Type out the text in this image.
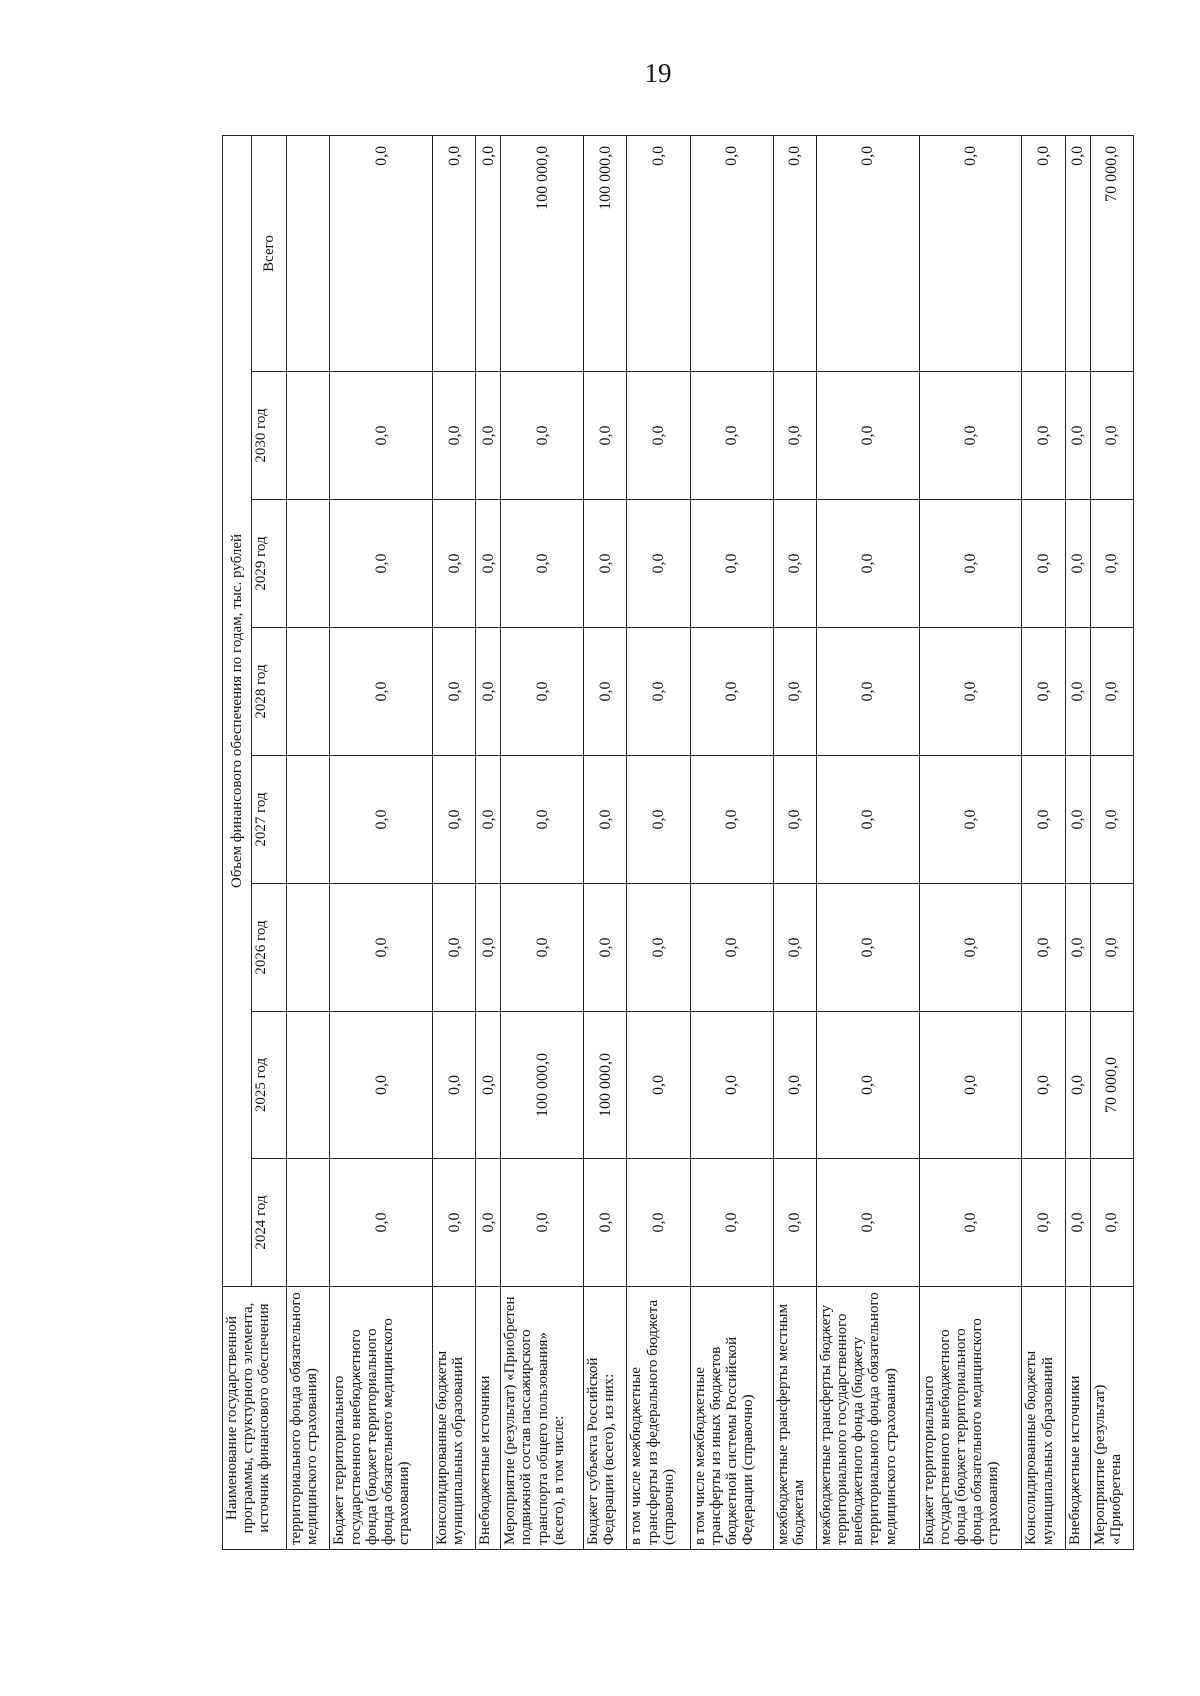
19
Наименование государственной программы, структурного элемента, источник финансового обеспечения	Объем финансового обеспечения по годам, тыс. рублей							
	2024 год	2025 год	2026 год	2027 год	2028 год	2029 год	2030 год	Всего
территориального фонда обязательного медицинского страхования)								
Бюджет территориального государственного внебюджетного фонда (бюджет территориального фонда обязательного медицинского страхования)	0,0	0,0	0,0	0,0	0,0	0,0	0,0	0,0
Консолидированные бюджеты муниципальных образований	0,0	0,0	0,0	0,0	0,0	0,0	0,0	0,0
Внебюджетные источники	0,0	0,0	0,0	0,0	0,0	0,0	0,0	0,0
Мероприятие (результат) «Приобретен подвижной состав пассажирского транспорта общего пользования» (всего), в том числе:	0,0	100 000,0	0,0	0,0	0,0	0,0	0,0	100 000,0
Бюджет субъекта Российской Федерации (всего), из них:	0,0	100 000,0	0,0	0,0	0,0	0,0	0,0	100 000,0
в том числе межбюджетные трансферты из федерального бюджета (справочно)	0,0	0,0	0,0	0,0	0,0	0,0	0,0	0,0
в том числе межбюджетные трансферты из иных бюджетов бюджетной системы Российской Федерации (справочно)	0,0	0,0	0,0	0,0	0,0	0,0	0,0	0,0
межбюджетные трансферты местным бюджетам	0,0	0,0	0,0	0,0	0,0	0,0	0,0	0,0
межбюджетные трансферты бюджету территориального государственного внебюджетного фонда (бюджету территориального фонда обязательного медицинского страхования)	0,0	0,0	0,0	0,0	0,0	0,0	0,0	0,0
Бюджет территориального государственного внебюджетного фонда (бюджет территориального фонда обязательного медицинского страхования)	0,0	0,0	0,0	0,0	0,0	0,0	0,0	0,0
Консолидированные бюджеты муниципальных образований	0,0	0,0	0,0	0,0	0,0	0,0	0,0	0,0
Внебюджетные источники	0,0	0,0	0,0	0,0	0,0	0,0	0,0	0,0
Мероприятие (результат) «Приобретена	0,0	70 000,0	0,0	0,0	0,0	0,0	0,0	70 000,0
